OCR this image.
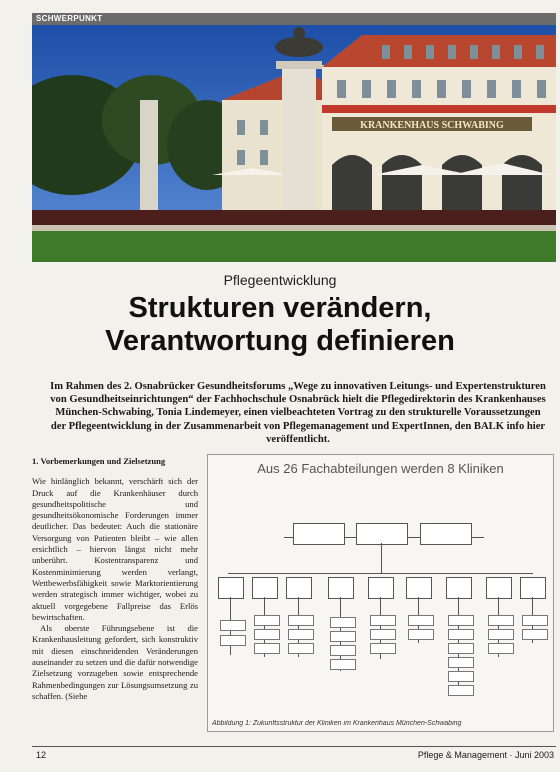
SCHWERPUNKT
KRANKENHAUS SCHWABING
Pflegeentwicklung
Strukturen verändern,
Verantwortung definieren

Im Rahmen des 2. Osnabrücker Gesundheitsforums „Wege zu innovativen Leitungs- und Expertenstrukturen von Gesundheitseinrichtungen“ der Fachhochschule Osnabrück hielt die Pflegedirektorin des Krankenhauses München-Schwabing, Tonia Lindemeyer, einen vielbeachteten Vortrag zu den strukturelle Voraussetzungen der Pflegeentwicklung in der Zusammenarbeit von Pflegemanagement und ExpertInnen, den BALK info hier veröffentlicht.

1. Vorbemerkungen und Zielsetzung

Wie hinlänglich bekannt, verschärft sich der Druck auf die Krankenhäuser durch gesundheitspolitische und gesundheitsökonomische Forderungen immer deutlicher. Das bedeutet: Auch die stationäre Versorgung von Patienten bleibt – wie allen ersichtlich – hiervon längst nicht mehr unberührt. Kostentransparenz und Kostenminimierung werden verlangt, Wettbewerbsfähigkeit sowie Marktorientierung werden strategisch immer wichtiger, wobei zu aktuell vorgegebene Fallpreise das Erlös bewirtschaften.

Als oberste Führungsebene ist die Krankenhausleitung gefordert, sich konstruktiv mit diesen einschneidenden Veränderungen auseinander zu setzen und die dafür notwendige Zielsetzung vorzugeben sowie entsprechende Rahmenbedingungen zur Lösungsumsetzung zu schaffen. (Siehe

Aus 26 Fachabteilungen werden 8 Kliniken
Abbildung 1: Zukunftsstruktur der Kliniken im Krankenhaus München-Schwabing
12	Pflege & Management · Juni 2003
